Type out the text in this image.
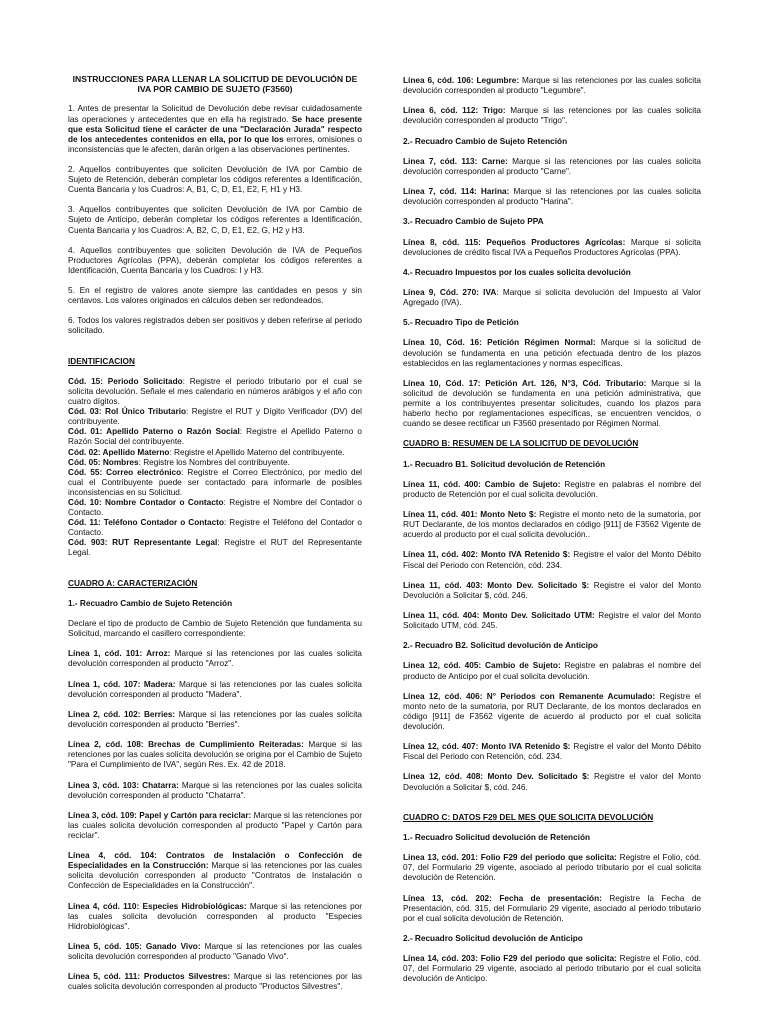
INSTRUCCIONES PARA LLENAR LA SOLICITUD DE DEVOLUCIÓN DE IVA POR CAMBIO DE SUJETO (F3560)

1. Antes de presentar la Solicitud de Devolución debe revisar cuidadosamente las operaciones y antecedentes que en ella ha registrado. Se hace presente que esta Solicitud tiene el carácter de una "Declaración Jurada" respecto de los antecedentes contenidos en ella, por lo que los errores, omisiones o inconsistencias que le afecten, darán origen a las observaciones pertinentes.

2. Aquellos contribuyentes que soliciten Devolución de IVA por Cambio de Sujeto de Retención, deberán completar los códigos referentes a Identificación, Cuenta Bancaria y los Cuadros: A, B1, C, D, E1, E2, F, H1 y H3.

3. Aquellos contribuyentes que soliciten Devolución de IVA por Cambio de Sujeto de Anticipo, deberán completar los códigos referentes a Identificación, Cuenta Bancaria y los Cuadros: A, B2, C, D, E1, E2, G, H2 y H3.

4. Aquellos contribuyentes que soliciten Devolución de IVA de Pequeños Productores Agrícolas (PPA), deberán completar los códigos referentes a Identificación, Cuenta Bancaria y los Cuadros: I y H3.

5. En el registro de valores anote siempre las cantidades en pesos y sin centavos. Los valores originados en cálculos deben ser redondeados.

6. Todos los valores registrados deben ser positivos y deben referirse al periodo solicitado.

IDENTIFICACION
Cód. 15: Periodo Solicitado: Registre el periodo tributario por el cual se solicita devolución. Señale el mes calendario en números arábigos y el año con cuatro dígitos.
Cód. 03: Rol Único Tributario: Registre el RUT y Dígito Verificador (DV) del contribuyente.
Cód. 01: Apellido Paterno o Razón Social: Registre el Apellido Paterno o Razón Social del contribuyente.
Cód. 02: Apellido Materno: Registre el Apellido Materno del contribuyente.
Cód. 05: Nombres: Registre los Nombres del contribuyente.
Cód. 55: Correo electrónico: Registre el Correo Electrónico, por medio del cual el Contribuyente puede ser contactado para informarle de posibles inconsistencias en su Solicitud.
Cód. 10: Nombre Contador o Contacto: Registre el Nombre del Contador o Contacto.
Cód. 11: Teléfono Contador o Contacto: Registre el Teléfono del Contador o Contacto.
Cód. 903: RUT Representante Legal: Registre el RUT del Representante Legal.
CUADRO A: CARACTERIZACIÓN
1.- Recuadro Cambio de Sujeto Retención

Declare el tipo de producto de Cambio de Sujeto Retención que fundamenta su Solicitud, marcando el casillero correspondiente:

Línea 1, cód. 101: Arroz: Marque si las retenciones por las cuales solicita devolución corresponden al producto "Arroz".

Línea 1, cód. 107: Madera: Marque si las retenciones por las cuales solicita devolución corresponden al producto "Madera".

Línea 2, cód. 102: Berries: Marque si las retenciones por las cuales solicita devolución corresponden al producto "Berries".

Línea 2, cód. 108: Brechas de Cumplimiento Reiteradas: Marque si las retenciones por las cuales solicita devolución se origina por el Cambio de Sujeto "Para el Cumplimiento de IVA", según Res. Ex. 42 de 2018.

Línea 3, cód. 103: Chatarra: Marque si las retenciones por las cuales solicita devolución corresponden al producto "Chatarra".

Línea 3, cód. 109: Papel y Cartón para reciclar: Marque si las retenciones por las cuales solicita devolución corresponden al producto "Papel y Cartón para reciclar".

Línea 4, cód. 104: Contratos de Instalación o Confección de Especialidades en la Construcción: Marque si las retenciones por las cuales solicita devolución corresponden al producto "Contratos de Instalación o Confección de Especialidades en la Construcción".

Línea 4, cód. 110: Especies Hidrobiológicas: Marque si las retenciones por las cuales solicita devolución corresponden al producto "Especies Hidrobiológicas".

Línea 5, cód. 105: Ganado Vivo: Marque si las retenciones por las cuales solicita devolución corresponden al producto "Ganado Vivo".

Línea 5, cód. 111: Productos Silvestres: Marque si las retenciones por las cuales solicita devolución corresponden al producto "Productos Silvestres".

Línea 6, cód. 106: Legumbre: Marque si las retenciones por las cuales solicita devolución corresponden al producto "Legumbre".

Línea 6, cód. 112: Trigo: Marque si las retenciones por las cuales solicita devolución corresponden al producto "Trigo".

2.- Recuadro Cambio de Sujeto Retención

Línea 7, cód. 113: Carne: Marque si las retenciones por las cuales solicita devolución corresponden al producto "Carne".

Línea 7, cód. 114: Harina: Marque si las retenciones por las cuales solicita devolución corresponden al producto "Harina".

3.- Recuadro Cambio de Sujeto PPA

Línea 8, cód. 115: Pequeños Productores Agrícolas: Marque si solicita devoluciones de crédito fiscal IVA a Pequeños Productores Agrícolas (PPA).

4.- Recuadro Impuestos por los cuales solicita devolución

Línea 9, Cód. 270: IVA: Marque si solicita devolución del Impuesto al Valor Agregado (IVA).

5.- Recuadro Tipo de Petición

Línea 10, Cód. 16: Petición Régimen Normal: Marque si la solicitud de devolución se fundamenta en una petición efectuada dentro de los plazos establecidos en las reglamentaciones y normas específicas.

Línea 10, Cód. 17: Petición Art. 126, N°3, Cód. Tributario: Marque si la solicitud de devolución se fundamenta en una petición administrativa, que permite a los contribuyentes presentar solicitudes, cuando los plazos para haberlo hecho por reglamentaciones específicas, se encuentren vencidos, o cuando se desee rectificar un F3560 presentado por Régimen Normal.

CUADRO B: RESUMEN DE LA SOLICITUD DE DEVOLUCIÓN
1.- Recuadro B1. Solicitud devolución de Retención

Línea 11, cód. 400: Cambio de Sujeto: Registre en palabras el nombre del producto de Retención por el cual solicita devolución.

Línea 11, cód. 401: Monto Neto $: Registre el monto neto de la sumatoria, por RUT Declarante, de los montos declarados en código [911] de F3562 Vigente de acuerdo al producto por el cual solicita devolución..

Línea 11, cód. 402: Monto IVA Retenido $: Registre el valor del Monto Débito Fiscal del Periodo con Retención, cód. 234.

Línea 11, cód. 403: Monto Dev. Solicitado $: Registre el valor del Monto Devolución a Solicitar $, cód. 246.

Línea 11, cód. 404: Monto Dev. Solicitado UTM: Registre el valor del Monto Solicitado UTM, cód. 245.

2.- Recuadro B2. Solicitud devolución de Anticipo

Línea 12, cód. 405: Cambio de Sujeto: Registre en palabras el nombre del producto de Anticipo por el cual solicita devolución.

Línea 12, cód. 406: N° Periodos con Remanente Acumulado: Registre el monto neto de la sumatoria, por RUT Declarante, de los montos declarados en código [911] de F3562 vigente de acuerdo al producto por el cual solicita devolución.

Línea 12, cód. 407: Monto IVA Retenido $: Registre el valor del Monto Débito Fiscal del Periodo con Retención, cód. 234.

Línea 12, cód. 408: Monto Dev. Solicitado $: Registre el valor del Monto Devolución a Solicitar $, cód. 246.

CUADRO C: DATOS F29 DEL MES QUE SOLICITA DEVOLUCIÓN
1.- Recuadro Solicitud devolución de Retención

Línea 13, cód. 201: Folio F29 del periodo que solicita: Registre el Folio, cód. 07, del Formulario 29 vigente, asociado al periodo tributario por el cual solicita devolución de Retención.

Línea 13, cód. 202: Fecha de presentación: Registre la Fecha de Presentación, cód. 315, del Formulario 29 vigente, asociado al periodo tributario por el cual solicita devolución de Retención.

2.- Recuadro Solicitud devolución de Anticipo

Línea 14, cód. 203: Folio F29 del periodo que solicita: Registre el Folio, cód. 07, del Formulario 29 vigente, asociado al periodo tributario por el cual solicita devolución de Anticipo.
